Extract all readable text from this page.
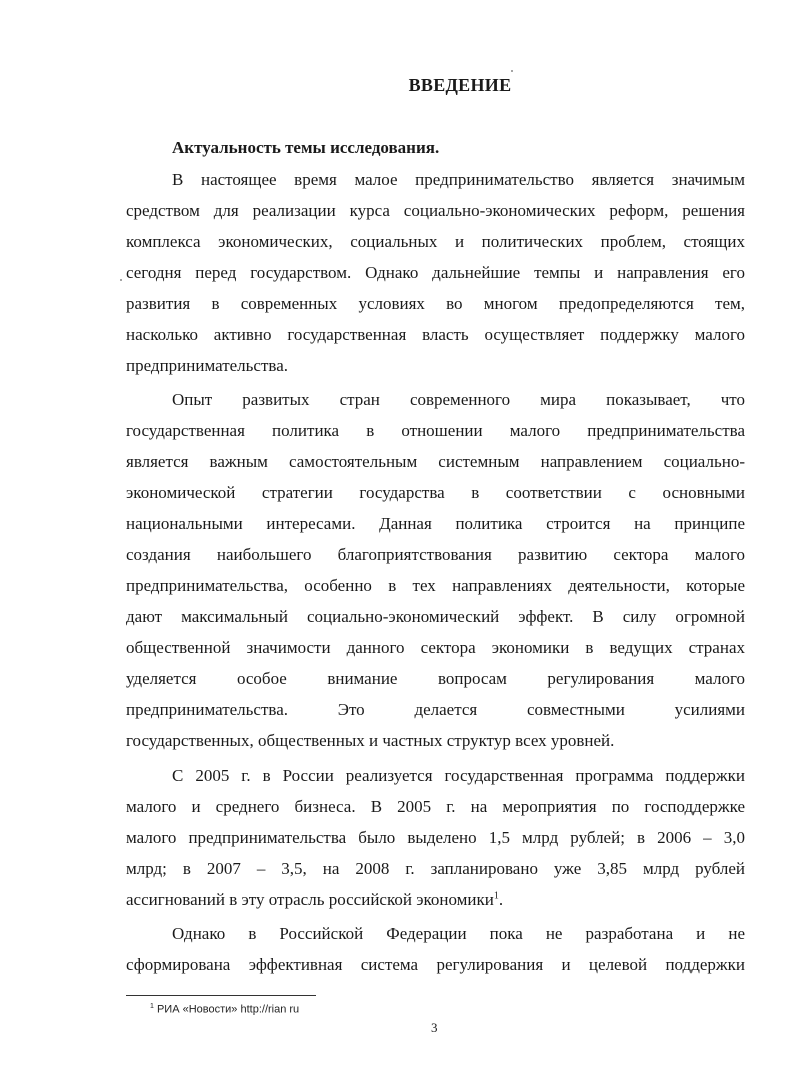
ВВЕДЕНИЕ
Актуальность темы исследования.
В настоящее время малое предпринимательство является значимым
средством для реализации курса социально-экономических реформ, решения
комплекса экономических, социальных и политических проблем, стоящих
сегодня перед государством. Однако дальнейшие темпы и направления его
развития в современных условиях во многом предопределяются тем,
насколько активно государственная власть осуществляет поддержку малого
предпринимательства.
Опыт развитых стран современного мира показывает, что
государственная политика в отношении малого предпринимательства
является важным самостоятельным системным направлением социально-
экономической стратегии государства в соответствии с основными
национальными интересами. Данная политика строится на принципе
создания наибольшего благоприятствования развитию сектора малого
предпринимательства, особенно в тех направлениях деятельности, которые
дают максимальный социально-экономический эффект. В силу огромной
общественной значимости данного сектора экономики в ведущих странах
уделяется особое внимание вопросам регулирования малого
предпринимательства. Это делается совместными усилиями
государственных, общественных и частных структур всех уровней.
С 2005 г. в России реализуется государственная программа поддержки
малого и среднего бизнеса. В 2005 г. на мероприятия по господдержке
малого предпринимательства было выделено 1,5 млрд рублей; в 2006 – 3,0
млрд; в 2007 – 3,5, на 2008 г. запланировано уже 3,85 млрд рублей
ассигнований в эту отрасль российской экономики$^1$.
Однако в Российской Федерации пока не разработана и не
сформирована эффективная система регулирования и целевой поддержки
$^1$ РИА «Новости» http://rian ru
3
